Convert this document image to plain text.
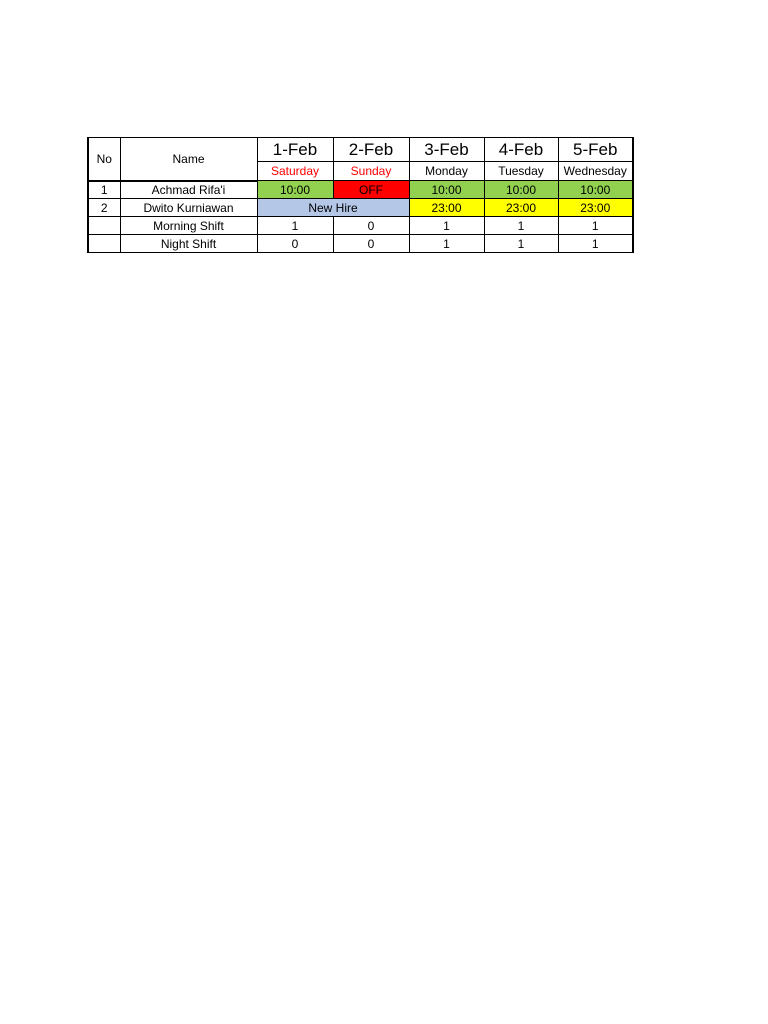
No	Name	1-Feb	2-Feb	3-Feb	4-Feb	5-Feb
		Saturday	Sunday	Monday	Tuesday	Wednesday
1	Achmad Rifa'i	10:00	OFF	10:00	10:00	10:00
2	Dwito Kurniawan	New Hire		23:00	23:00	23:00
	Morning Shift	1	0	1	1	1
	Night Shift	0	0	1	1	1
